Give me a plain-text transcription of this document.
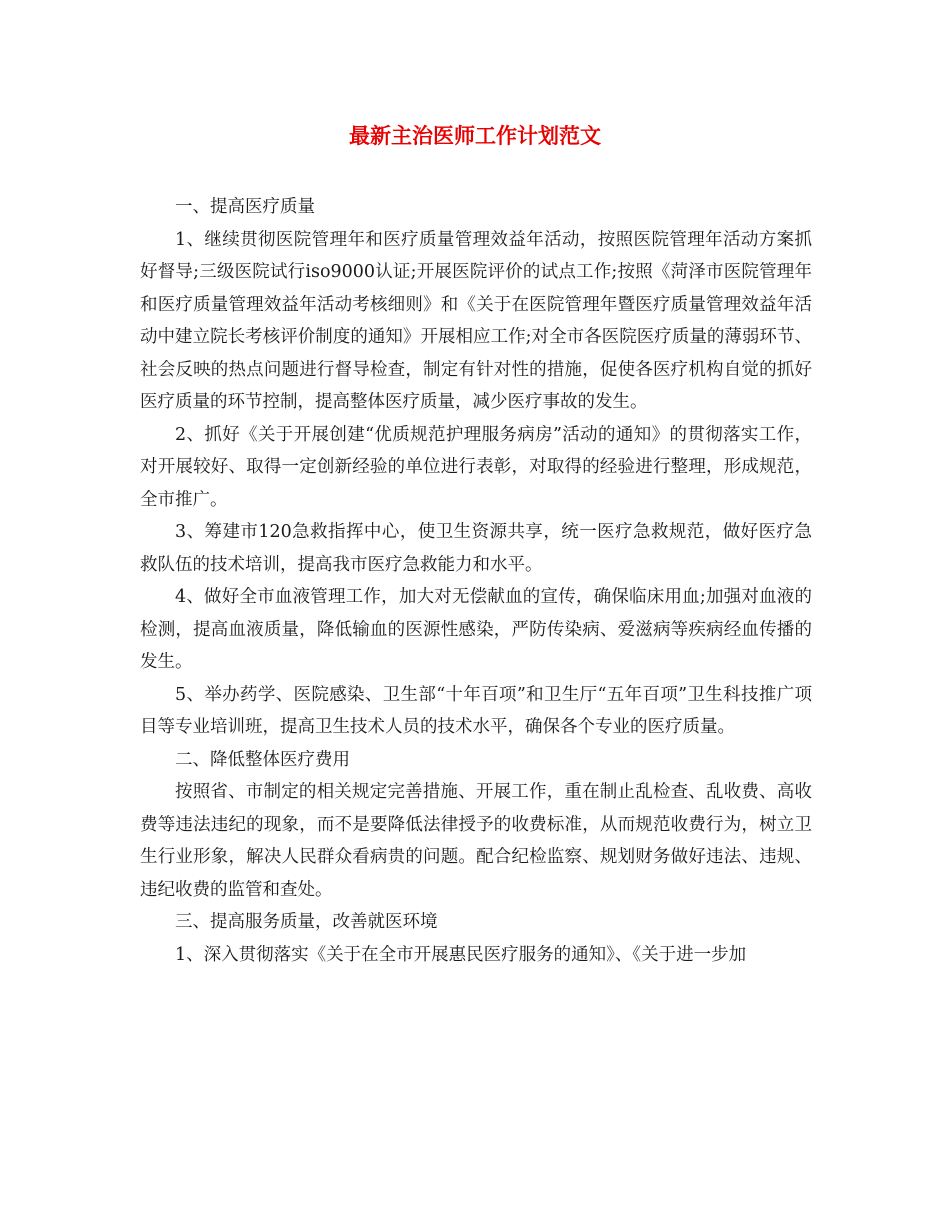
最新主治医师工作计划范文

一、提高医疗质量

1、继续贯彻医院管理年和医疗质量管理效益年活动，按照医院管理年活动方案抓好督导;三级医院试行iso9000认证;开展医院评价的试点工作;按照《菏泽市医院管理年和医疗质量管理效益年活动考核细则》和《关于在医院管理年暨医疗质量管理效益年活动中建立院长考核评价制度的通知》开展相应工作;对全市各医院医疗质量的薄弱环节、社会反映的热点问题进行督导检查，制定有针对性的措施，促使各医疗机构自觉的抓好医疗质量的环节控制，提高整体医疗质量，减少医疗事故的发生。

2、抓好《关于开展创建“优质规范护理服务病房”活动的通知》的贯彻落实工作，对开展较好、取得一定创新经验的单位进行表彰，对取得的经验进行整理，形成规范，全市推广。

3、筹建市120急救指挥中心，使卫生资源共享，统一医疗急救规范，做好医疗急救队伍的技术培训，提高我市医疗急救能力和水平。

4、做好全市血液管理工作，加大对无偿献血的宣传，确保临床用血;加强对血液的检测，提高血液质量，降低输血的医源性感染，严防传染病、爱滋病等疾病经血传播的发生。

5、举办药学、医院感染、卫生部“十年百项”和卫生厅“五年百项”卫生科技推广项目等专业培训班，提高卫生技术人员的技术水平，确保各个专业的医疗质量。

二、降低整体医疗费用

按照省、市制定的相关规定完善措施、开展工作，重在制止乱检查、乱收费、高收费等违法违纪的现象，而不是要降低法律授予的收费标准，从而规范收费行为，树立卫生行业形象，解决人民群众看病贵的问题。配合纪检监察、规划财务做好违法、违规、违纪收费的监管和查处。

三、提高服务质量，改善就医环境

1、深入贯彻落实《关于在全市开展惠民医疗服务的通知》、《关于进一步加
